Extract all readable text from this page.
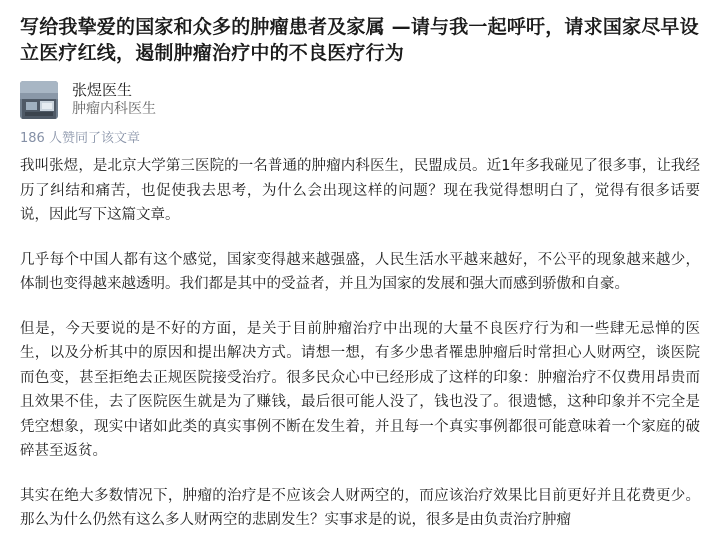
写给我挚爱的国家和众多的肿瘤患者及家属 —请与我一起呼吁，请求国家尽早设立医疗红线，遏制肿瘤治疗中的不良医疗行为
张煜医生
肿瘤内科医生
186 人赞同了该文章

我叫张煜，是北京大学第三医院的一名普通的肿瘤内科医生，民盟成员。近1年多我碰见了很多事，让我经历了纠结和痛苦，也促使我去思考，为什么会出现这样的问题？现在我觉得想明白了，觉得有很多话要说，因此写下这篇文章。

几乎每个中国人都有这个感觉，国家变得越来越强盛，人民生活水平越来越好，不公平的现象越来越少，体制也变得越来越透明。我们都是其中的受益者，并且为国家的发展和强大而感到骄傲和自豪。

但是，今天要说的是不好的方面，是关于目前肿瘤治疗中出现的大量不良医疗行为和一些肆无忌惮的医生，以及分析其中的原因和提出解决方式。请想一想，有多少患者罹患肿瘤后时常担心人财两空，谈医院而色变，甚至拒绝去正规医院接受治疗。很多民众心中已经形成了这样的印象：肿瘤治疗不仅费用昂贵而且效果不佳，去了医院医生就是为了赚钱，最后很可能人没了，钱也没了。很遗憾，这种印象并不完全是凭空想象，现实中诸如此类的真实事例不断在发生着，并且每一个真实事例都很可能意味着一个家庭的破碎甚至返贫。

其实在绝大多数情况下，肿瘤的治疗是不应该会人财两空的，而应该治疗效果比目前更好并且花费更少。那么为什么仍然有这么多人财两空的悲剧发生？实事求是的说，很多是由负责治疗肿瘤
